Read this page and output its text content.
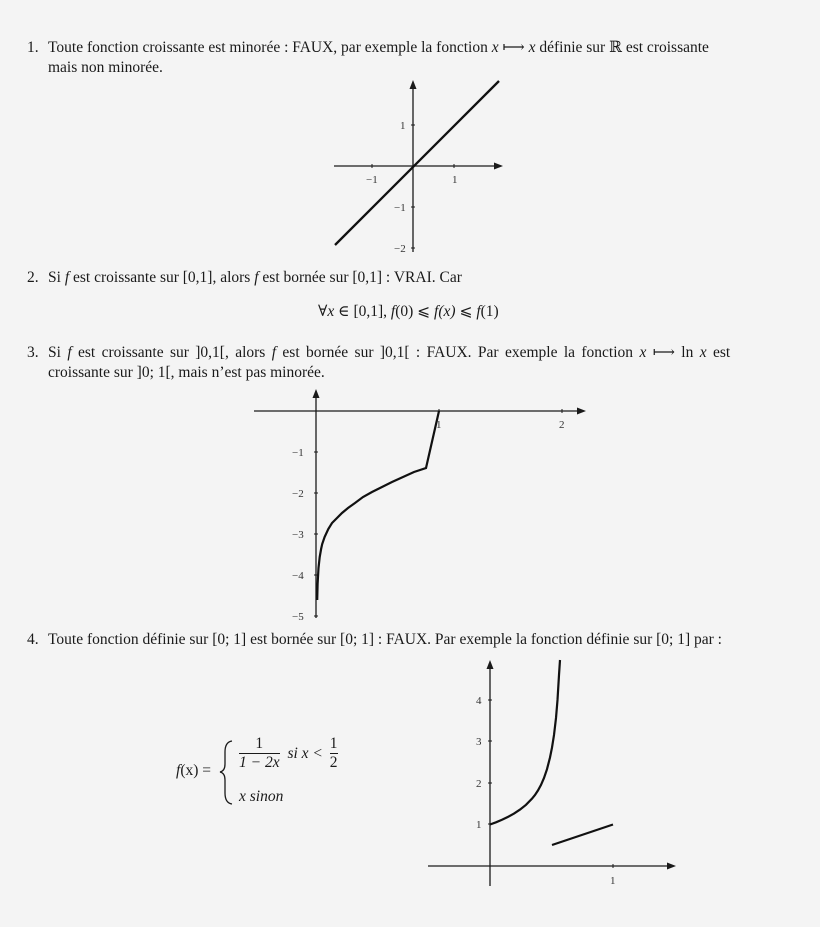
1. Toute fonction croissante est minorée : FAUX, par exemple la fonction x ⟼ x définie sur ℝ est croissante
mais non minorée.
−1	1
1
−1
−2
2. Si f est croissante sur [0,1], alors f est bornée sur [0,1] : VRAI. Car
∀x ∈ [0,1], f(0) ⩽ f(x) ⩽ f(1)
3. Si f est croissante sur ]0,1[, alors f est bornée sur ]0,1[ : FAUX. Par exemple la fonction x ⟼ ln x est
croissante sur ]0; 1[, mais n’est pas minorée.
1	2
−1
−2
−3
−4
−5
4. Toute fonction définie sur [0; 1] est bornée sur [0; 1] : FAUX. Par exemple la fonction définie sur [0; 1] par :
$f(x) = \frac{1}{1 - 2x}$ si $x < \frac{1}{2}$
x sinon
1
1
2
3
4
